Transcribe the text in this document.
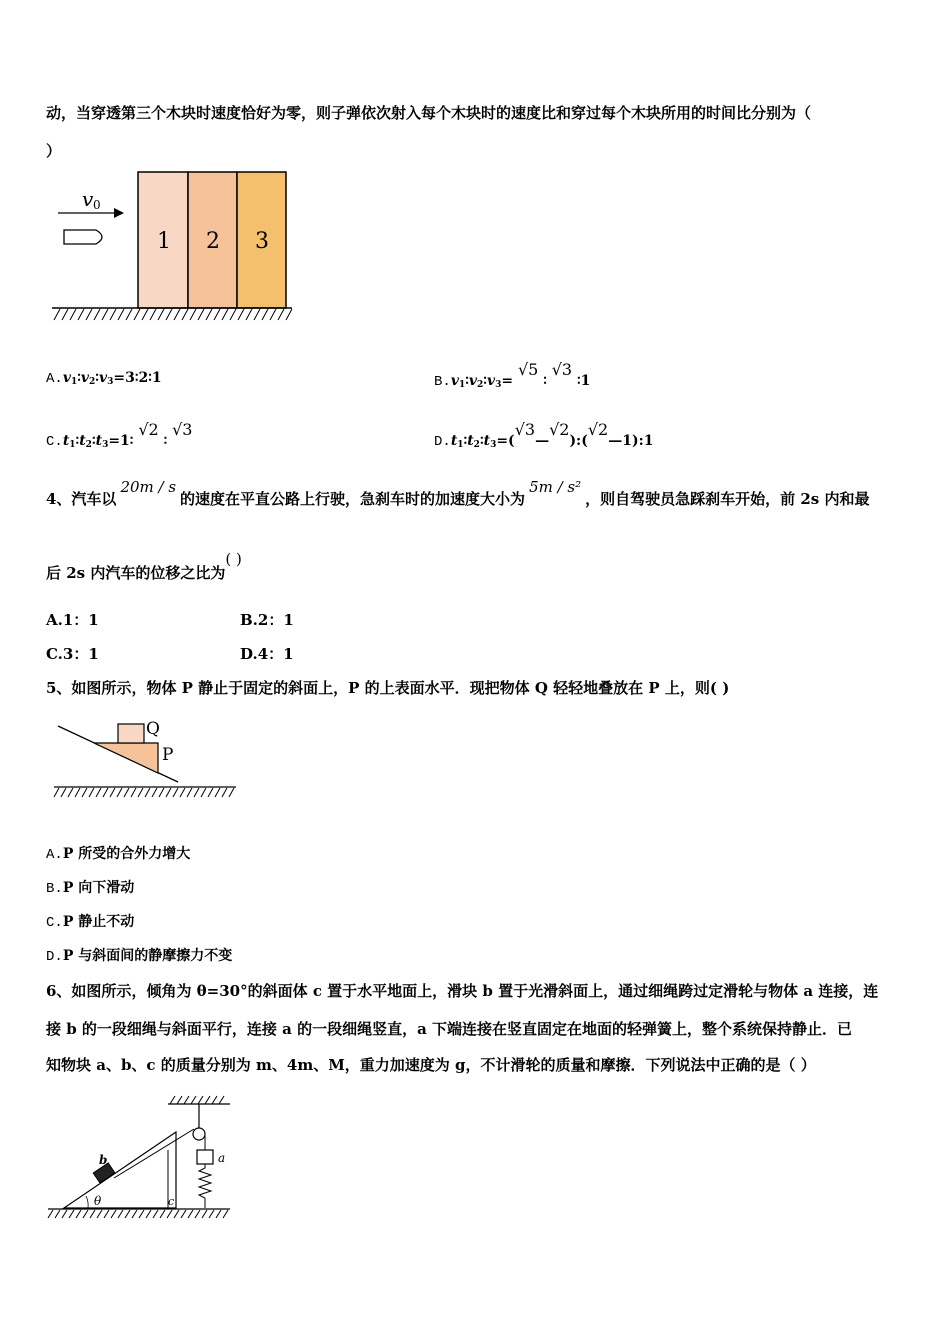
动，当穿透第三个木块时速度恰好为零，则子弹依次射入每个木块时的速度比和穿过每个木块所用的时间比分别为（
）
v 0
1 2 3
$A.v_1∶v_2∶v_3=3∶2∶1$	$B.v_1∶v_2∶v_3= √5$ ∶ √3 ∶1
$C.t_1∶t_2∶t_3=1∶$ √2 ∶ √3
$D.t_1∶t_2∶t_3=(√3—√2):(√2—1):1$
4、汽车以20m / s的速度在平直公路上行驶，急刹车时的加速度大小为5m / s²，则自驾驶员急踩刹车开始，前 2s 内和最
后 2s 内汽车的位移之比为( )
A.1：1	B.2：1
C.3：1	D.4：1
5、如图所示，物体 P 静止于固定的斜面上，P 的上表面水平．现把物体 Q 轻轻地叠放在 P 上，则( )
Q
P
A.P 所受的合外力增大
B.P 向下滑动
C.P 静止不动
D.P 与斜面间的静摩擦力不变
6、如图所示，倾角为 θ=30°的斜面体 c 置于水平地面上，滑块 b 置于光滑斜面上，通过细绳跨过定滑轮与物体 a 连接，连
接 b 的一段细绳与斜面平行，连接 a 的一段细绳竖直，a 下端连接在竖直固定在地面的轻弹簧上，整个系统保持静止．已
知物块 a、b、c 的质量分别为 m、4m、M，重力加速度为 g，不计滑轮的质量和摩擦．下列说法中正确的是（ ）
b	a
θ	c
